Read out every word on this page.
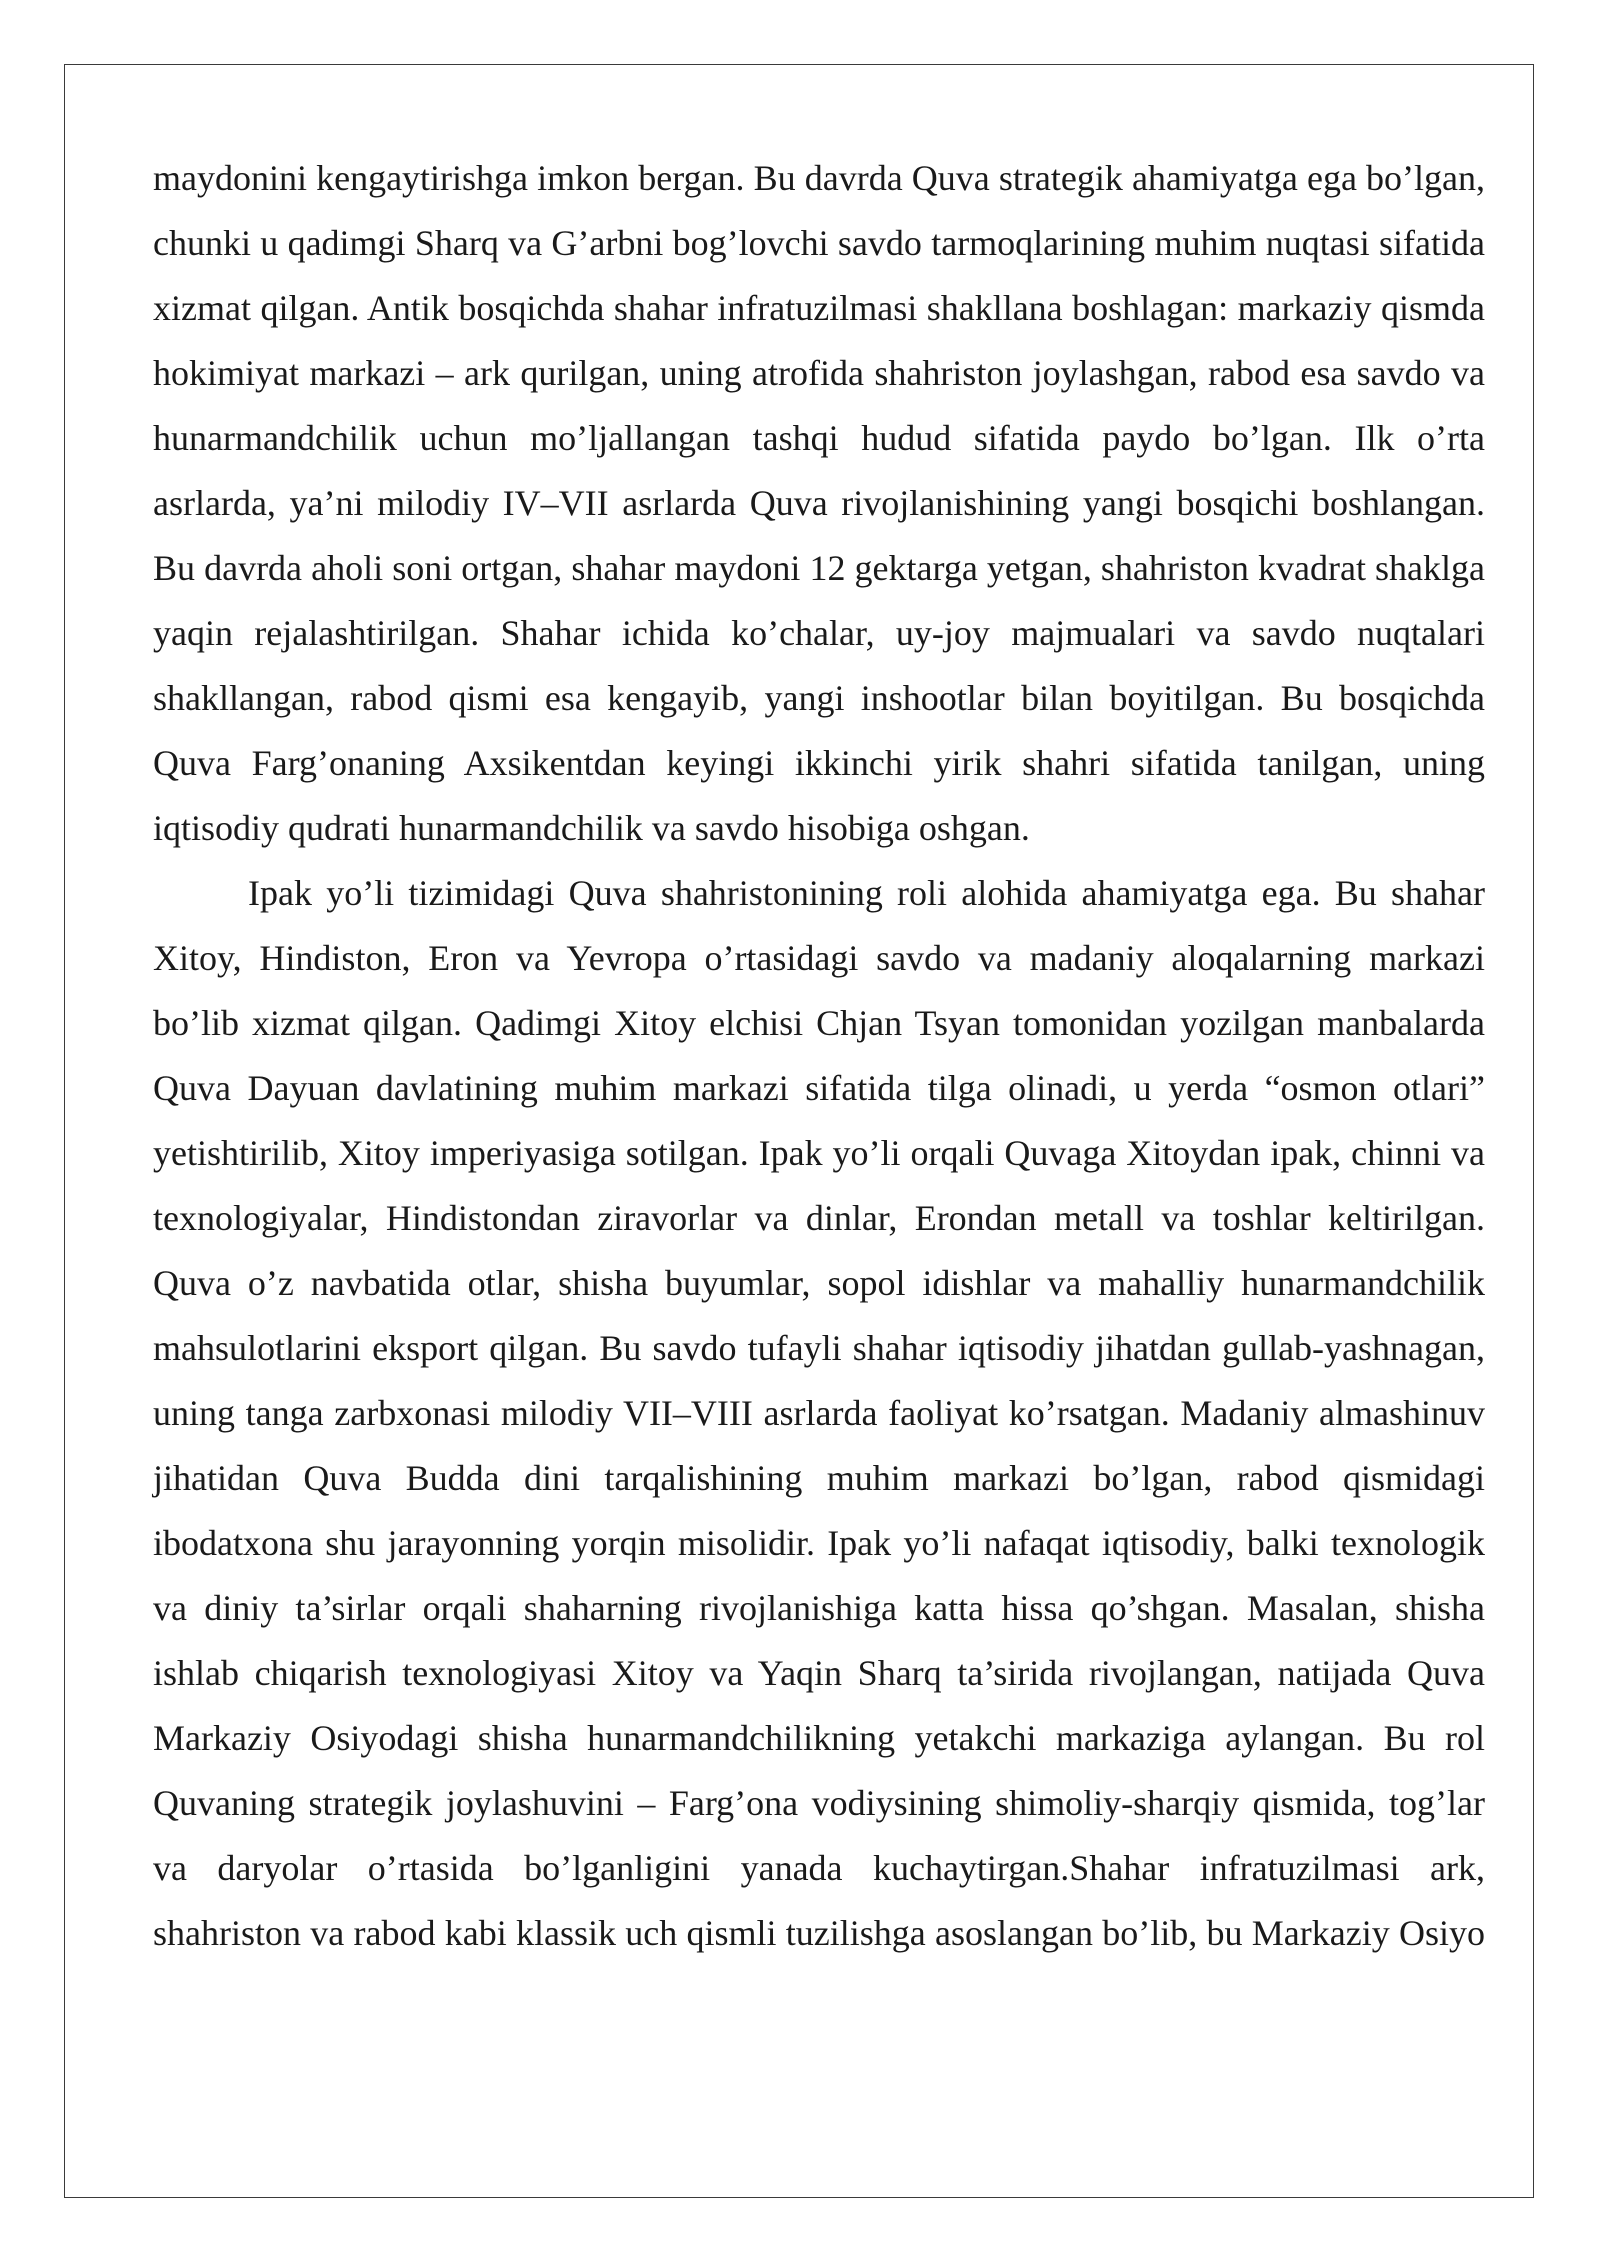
maydonini kengaytirishga imkon bergan. Bu davrda Quva strategik ahamiyatga ega bo’lgan, chunki u qadimgi Sharq va G’arbni bog’lovchi savdo tarmoqlarining muhim nuqtasi sifatida xizmat qilgan. Antik bosqichda shahar infratuzilmasi shakllana boshlagan: markaziy qismda hokimiyat markazi – ark qurilgan, uning atrofida shahriston joylashgan, rabod esa savdo va hunarmandchilik uchun mo’ljallangan tashqi hudud sifatida paydo bo’lgan. Ilk o’rta asrlarda, ya’ni milodiy IV–VII asrlarda Quva rivojlanishining yangi bosqichi boshlangan. Bu davrda aholi soni ortgan, shahar maydoni 12 gektarga yetgan, shahriston kvadrat shaklga yaqin rejalashtirilgan. Shahar ichida ko’chalar, uy-joy majmualari va savdo nuqtalari shakllangan, rabod qismi esa kengayib, yangi inshootlar bilan boyitilgan. Bu bosqichda Quva Farg’onaning Axsikentdan keyingi ikkinchi yirik shahri sifatida tanilgan, uning iqtisodiy qudrati hunarmandchilik va savdo hisobiga oshgan.

Ipak yo’li tizimidagi Quva shahristonining roli alohida ahamiyatga ega. Bu shahar Xitoy, Hindiston, Eron va Yevropa o’rtasidagi savdo va madaniy aloqalarning markazi bo’lib xizmat qilgan. Qadimgi Xitoy elchisi Chjan Tsyan tomonidan yozilgan manbalarda Quva Dayuan davlatining muhim markazi sifatida tilga olinadi, u yerda “osmon otlari” yetishtirilib, Xitoy imperiyasiga sotilgan. Ipak yo’li orqali Quvaga Xitoydan ipak, chinni va texnologiyalar, Hindistondan ziravorlar va dinlar, Erondan metall va toshlar keltirilgan. Quva o’z navbatida otlar, shisha buyumlar, sopol idishlar va mahalliy hunarmandchilik mahsulotlarini eksport qilgan. Bu savdo tufayli shahar iqtisodiy jihatdan gullab-yashnagan, uning tanga zarbxonasi milodiy VII–VIII asrlarda faoliyat ko’rsatgan. Madaniy almashinuv jihatidan Quva Budda dini tarqalishining muhim markazi bo’lgan, rabod qismidagi ibodatxona shu jarayonning yorqin misolidir. Ipak yo’li nafaqat iqtisodiy, balki texnologik va diniy ta’sirlar orqali shaharning rivojlanishiga katta hissa qo’shgan. Masalan, shisha ishlab chiqarish texnologiyasi Xitoy va Yaqin Sharq ta’sirida rivojlangan, natijada Quva Markaziy Osiyodagi shisha hunarmandchilikning yetakchi markaziga aylangan. Bu rol Quvaning strategik joylashuvini – Farg’ona vodiysining shimoliy-sharqiy qismida, tog’lar va daryolar o’rtasida bo’lganligini yanada kuchaytirgan.Shahar infratuzilmasi ark, shahriston va rabod kabi klassik uch qismli tuzilishga asoslangan bo’lib, bu Markaziy Osiyo
